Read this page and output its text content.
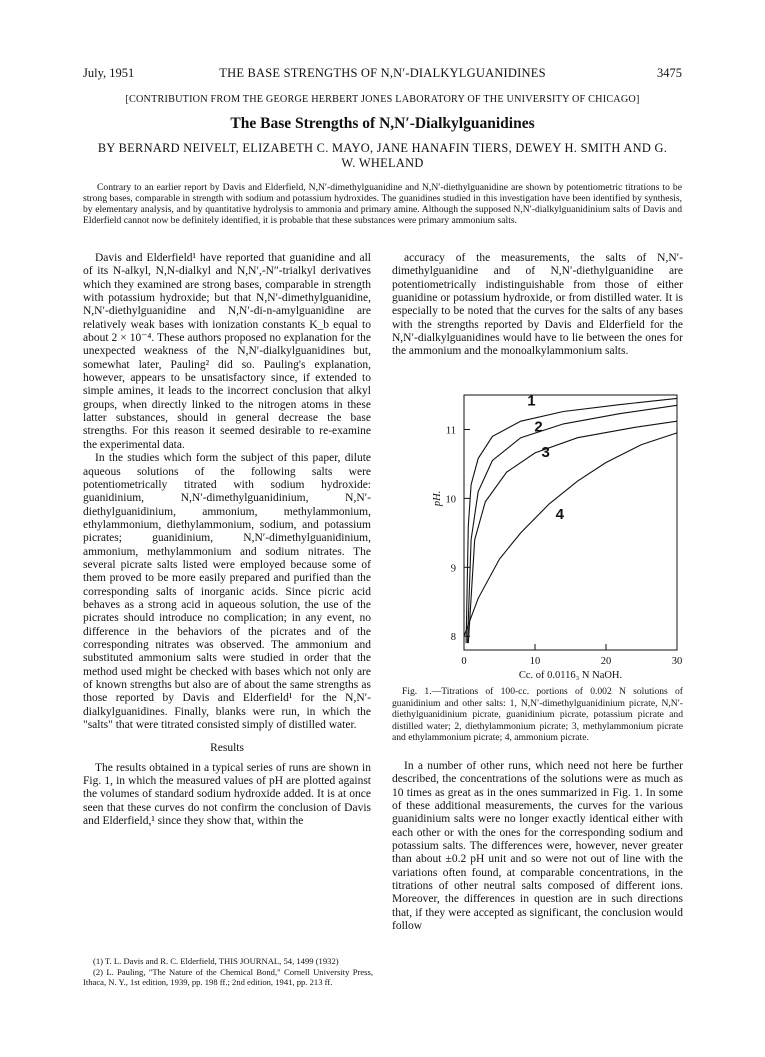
July, 1951	THE BASE STRENGTHS OF N,N′-DIALKYLGUANIDINES	3475
[CONTRIBUTION FROM THE GEORGE HERBERT JONES LABORATORY OF THE UNIVERSITY OF CHICAGO]
The Base Strengths of N,N′-Dialkylguanidines
BY BERNARD NEIVELT, ELIZABETH C. MAYO, JANE HANAFIN TIERS, DEWEY H. SMITH AND G. W. WHELAND
Contrary to an earlier report by Davis and Elderfield, N,N′-dimethylguanidine and N,N′-diethylguanidine are shown by potentiometric titrations to be strong bases, comparable in strength with sodium and potassium hydroxides. The guanidines studied in this investigation have been identified by synthesis, by elementary analysis, and by quantitative hydrolysis to ammonia and primary amine. Although the supposed N,N′-dialkylguanidinium salts of Davis and Elderfield cannot now be definitely identified, it is probable that these substances were primary ammonium salts.

Davis and Elderfield¹ have reported that guanidine and all of its N-alkyl, N,N-dialkyl and N,N′,-N″-trialkyl derivatives which they examined are strong bases, comparable in strength with potassium hydroxide; but that N,N′-dimethylguanidine, N,N′-diethylguanidine and N,N′-di-n-amylguanidine are relatively weak bases with ionization constants K_b equal to about 2 × 10⁻⁴. These authors proposed no explanation for the unexpected weakness of the N,N′-dialkylguanidines but, somewhat later, Pauling² did so. Pauling's explanation, however, appears to be unsatisfactory since, if extended to simple amines, it leads to the incorrect conclusion that alkyl groups, when directly linked to the nitrogen atoms in these latter substances, should in general decrease the base strengths. For this reason it seemed desirable to re-examine the experimental data.

In the studies which form the subject of this paper, dilute aqueous solutions of the following salts were potentiometrically titrated with sodium hydroxide: guanidinium, N,N′-dimethylguanidinium, N,N′-diethylguanidinium, ammonium, methylammonium, ethylammonium, diethylammonium, sodium, and potassium picrates; guanidinium, N,N′-dimethylguanidinium, ammonium, methylammonium and sodium nitrates. The several picrate salts listed were employed because some of them proved to be more easily prepared and purified than the corresponding salts of inorganic acids. Since picric acid behaves as a strong acid in aqueous solution, the use of the picrates should introduce no complication; in any event, no difference in the behaviors of the picrates and of the corresponding nitrates was observed. The ammonium and substituted ammonium salts were studied in order that the method used might be checked with bases which not only are of known strengths but also are of about the same strengths as those reported by Davis and Elderfield¹ for the N,N′-dialkylguanidines. Finally, blanks were run, in which the "salts" that were titrated consisted simply of distilled water.

Results

The results obtained in a typical series of runs are shown in Fig. 1, in which the measured values of pH are plotted against the volumes of standard sodium hydroxide added. It is at once seen that these curves do not confirm the conclusion of Davis and Elderfield,¹ since they show that, within the

(1) T. L. Davis and R. C. Elderfield, THIS JOURNAL, 54, 1499 (1932)
(2) L. Pauling, "The Nature of the Chemical Bond," Cornell University Press, Ithaca, N. Y., 1st edition, 1939, pp. 198 ff.; 2nd edition, 1941, pp. 213 ff.

accuracy of the measurements, the salts of N,N′-dimethylguanidine and of N,N′-diethylguanidine are potentiometrically indistinguishable from those of either guanidine or potassium hydroxide, or from distilled water. It is especially to be noted that the curves for the salts of any bases with the strengths reported by Davis and Elderfield for the N,N′-dialkylguanidines would have to lie between the ones for the ammonium and the monoalkylammonium salts.

0	10	20	30
8
9
10
11
Cc. of 0.0116₃ N NaOH.
pH.
1
2
3
4
Fig. 1.—Titrations of 100-cc. portions of 0.002 N solutions of guanidinium and other salts: 1, N,N′-dimethylguanidinium picrate, N,N′-diethylguanidinium picrate, guanidinium picrate, potassium picrate and distilled water; 2, diethylammonium picrate; 3, methylammonium picrate and ethylammonium picrate; 4, ammonium picrate.

In a number of other runs, which need not here be further described, the concentrations of the solutions were as much as 10 times as great as in the ones summarized in Fig. 1. In some of these additional measurements, the curves for the various guanidinium salts were no longer exactly identical either with each other or with the ones for the corresponding sodium and potassium salts. The differences were, however, never greater than about ±0.2 pH unit and so were not out of line with the variations often found, at comparable concentrations, in the titrations of other neutral salts composed of different ions. Moreover, the differences in question are in such directions that, if they were accepted as significant, the conclusion would follow
